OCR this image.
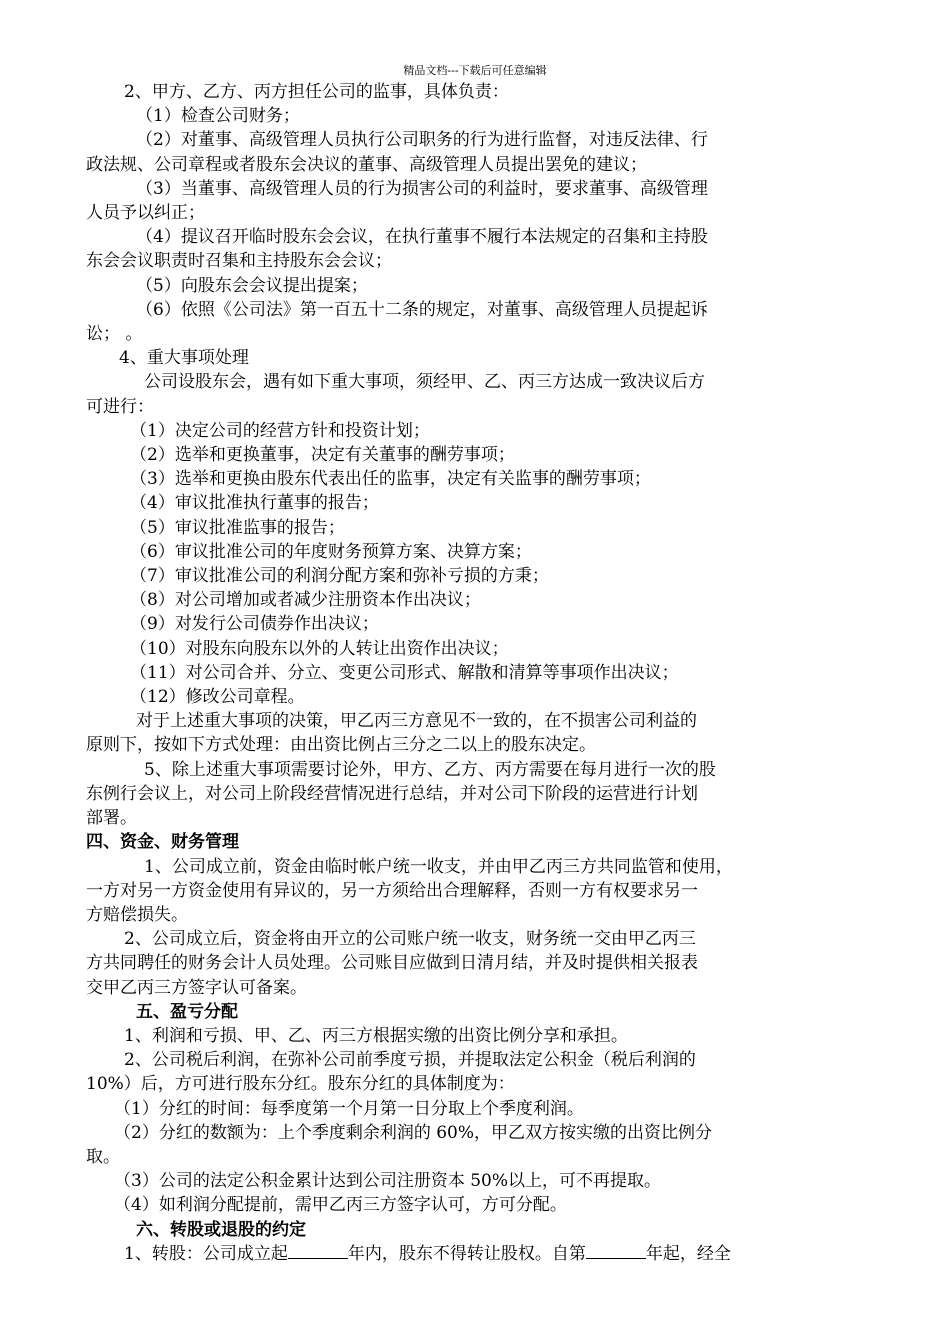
精品文档---下载后可任意编辑
2、甲方、乙方、丙方担任公司的监事，具体负责：
（1）检查公司财务；
（2）对董事、高级管理人员执行公司职务的行为进行监督，对违反法律、行
政法规、公司章程或者股东会决议的董事、高级管理人员提出罢免的建议；
（3）当董事、高级管理人员的行为损害公司的利益时，要求董事、高级管理
人员予以纠正；
（4）提议召开临时股东会会议，在执行董事不履行本法规定的召集和主持股
东会会议职责时召集和主持股东会会议；
（5）向股东会会议提出提案；
（6）依照《公司法》第一百五十二条的规定，对董事、高级管理人员提起诉
讼； 。
4、重大事项处理
公司设股东会，遇有如下重大事项，须经甲、乙、丙三方达成一致决议后方
可进行：
（1）决定公司的经营方针和投资计划；
（2）选举和更换董事，决定有关董事的酬劳事项；
（3）选举和更换由股东代表出任的监事，决定有关监事的酬劳事项；
（4）审议批准执行董事的报告；
（5）审议批准监事的报告；
（6）审议批准公司的年度财务预算方案、决算方案；
（7）审议批准公司的利润分配方案和弥补亏损的方秉；
（8）对公司增加或者减少注册资本作出决议；
（9）对发行公司债券作出决议；
（10）对股东向股东以外的人转让出资作出决议；
（11）对公司合并、分立、变更公司形式、解散和清算等事项作出决议；
（12）修改公司章程。
对于上述重大事项的决策，甲乙丙三方意见不一致的，在不损害公司利益的
原则下，按如下方式处理：由出资比例占三分之二以上的股东决定。
5、除上述重大事项需要讨论外，甲方、乙方、丙方需要在每月进行一次的股
东例行会议上，对公司上阶段经营情况进行总结，并对公司下阶段的运营进行计划
部署。
四、资金、财务管理
1、公司成立前，资金由临时帐户统一收支，并由甲乙丙三方共同监管和使用，
一方对另一方资金使用有异议的，另一方须给出合理解释，否则一方有权要求另一
方赔偿损失。
2、公司成立后，资金将由开立的公司账户统一收支，财务统一交由甲乙丙三
方共同聘任的财务会计人员处理。公司账目应做到日清月结，并及时提供相关报表
交甲乙丙三方签字认可备案。
五、盈亏分配
1、利润和亏损、甲、乙、丙三方根据实缴的出资比例分享和承担。
2、公司税后利润，在弥补公司前季度亏损，并提取法定公积金（税后利润的
10%）后，方可进行股东分红。股东分红的具体制度为：
（1）分红的时间：每季度第一个月第一日分取上个季度利润。
（2）分红的数额为：上个季度剩余利润的 60%，甲乙双方按实缴的出资比例分
取。
（3）公司的法定公积金累计达到公司注册资本 50%以上，可不再提取。
（4）如利润分配提前，需甲乙丙三方签字认可，方可分配。
六、转股或退股的约定
1、转股：公司成立起	年内，股东不得转让股权。自第	年起，经全
